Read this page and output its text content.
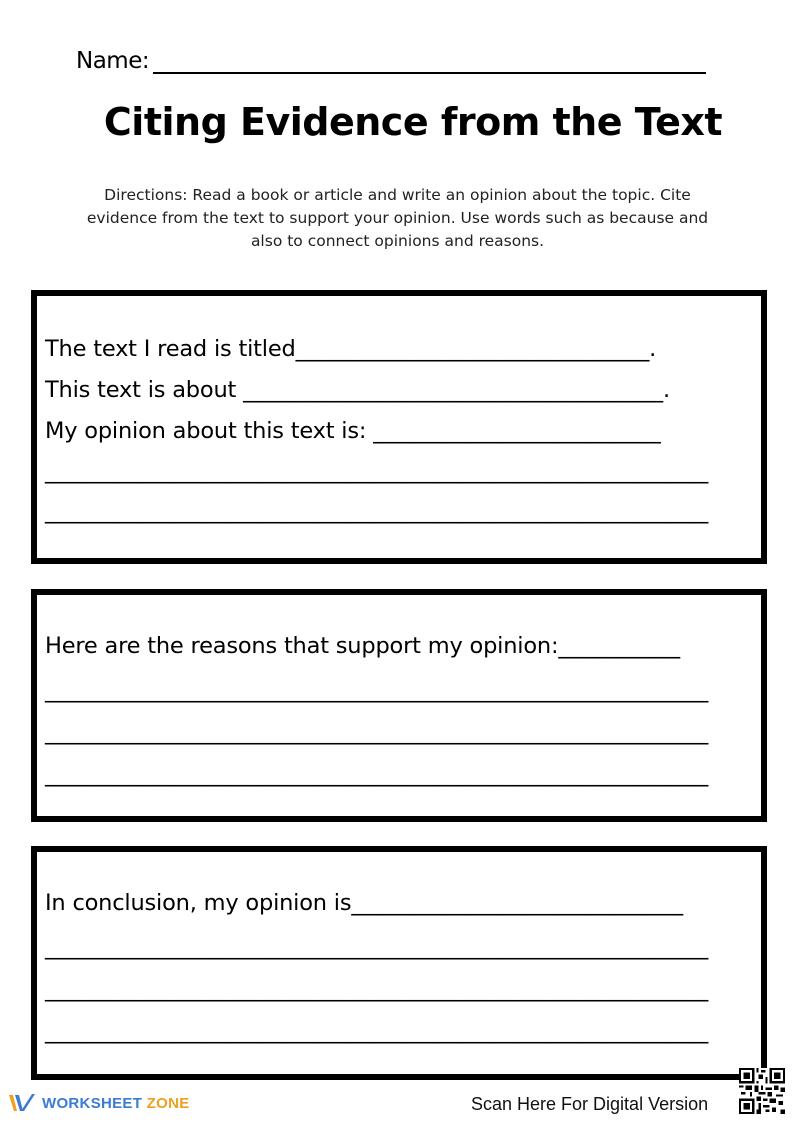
Name:
Citing Evidence from the Text
Directions: Read a book or article and write an opinion about the topic. Cite evidence from the text to support your opinion. Use words such as because and also to connect opinions and reasons.
The text I read is titled________________________________.
This text is about ______________________________________.
My opinion about this text is: __________________________
____________________________________________________________
____________________________________________________________
Here are the reasons that support my opinion:___________
____________________________________________________________
____________________________________________________________
____________________________________________________________
In conclusion, my opinion is______________________________
____________________________________________________________
____________________________________________________________
____________________________________________________________
WORKSHEET ZONE	Scan Here For Digital Version
